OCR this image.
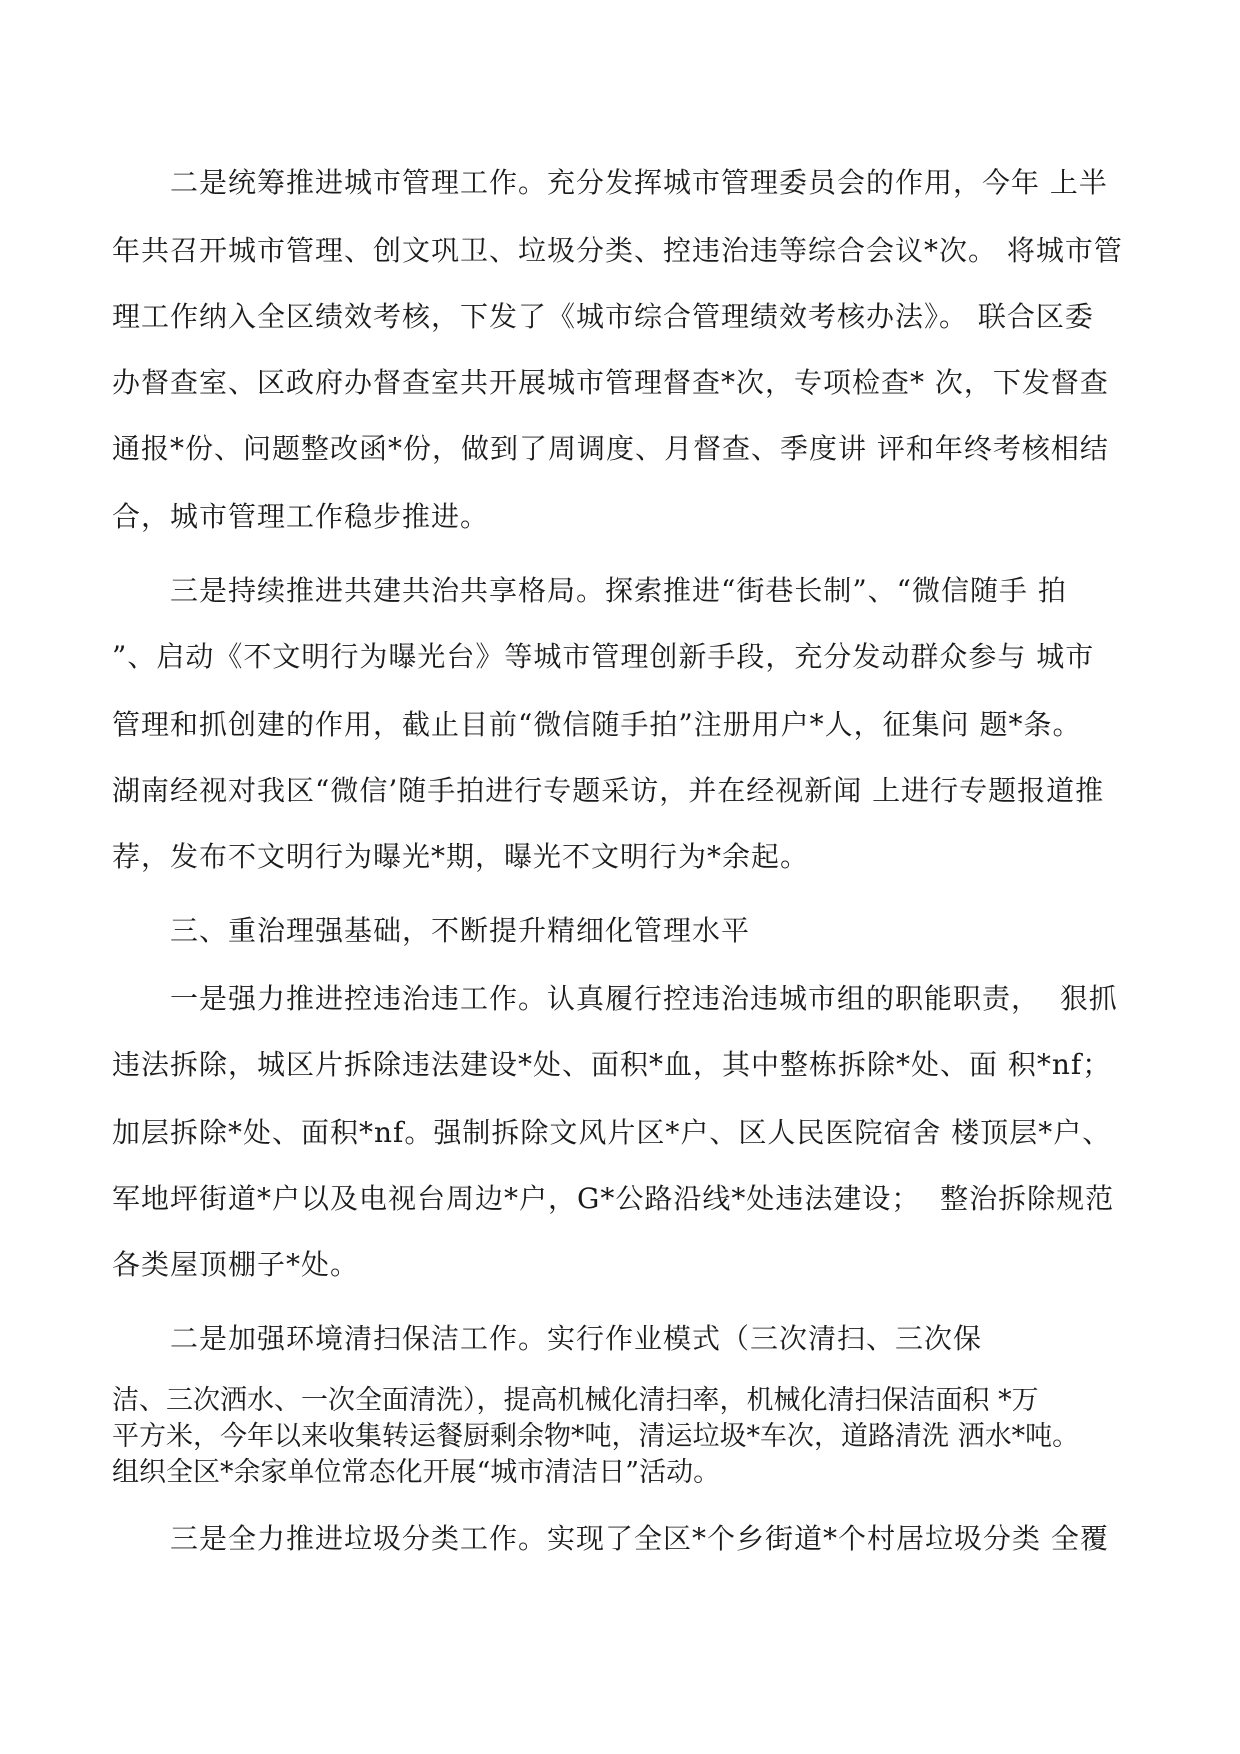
　　二是统筹推进城市管理工作。充分发挥城市管理委员会的作用，今年 上半

年共召开城市管理、创文巩卫、垃圾分类、控违治违等综合会议*次。 将城市管

理工作纳入全区绩效考核，下发了《城市综合管理绩效考核办法》。 联合区委

办督查室、区政府办督查室共开展城市管理督查*次，专项检查* 次，下发督查

通报*份、问题整改函*份，做到了周调度、月督查、季度讲 评和年终考核相结

合，城市管理工作稳步推进。

　　三是持续推进共建共治共享格局。探索推进“街巷长制”、“微信随手 拍

”、启动《不文明行为曝光台》等城市管理创新手段，充分发动群众参与 城市

管理和抓创建的作用，截止目前“微信随手拍”注册用户*人，征集问 题*条。

湖南经视对我区“微信’随手拍进行专题采访，并在经视新闻 上进行专题报道推

荐，发布不文明行为曝光*期，曝光不文明行为*余起。

　　三、重治理强基础，不断提升精细化管理水平

　　一是强力推进控违治违工作。认真履行控违治违城市组的职能职责，  狠抓

违法拆除，城区片拆除违法建设*处、面积*血，其中整栋拆除*处、面 积*nf；

加层拆除*处、面积*nf。强制拆除文风片区*户、区人民医院宿舍 楼顶层*户、

军地坪街道*户以及电视台周边*户，G*公路沿线*处违法建设；  整治拆除规范

各类屋顶棚子*处。

　　二是加强环境清扫保洁工作。实行作业模式（三次清扫、三次保

洁、三次洒水、一次全面清洗），提高机械化清扫率，机械化清扫保洁面积 *万

平方米，今年以来收集转运餐厨剩余物*吨，清运垃圾*车次，道路清洗 洒水*吨。

组织全区*余家单位常态化开展“城市清洁日”活动。

　　三是全力推进垃圾分类工作。实现了全区*个乡街道*个村居垃圾分类 全覆
